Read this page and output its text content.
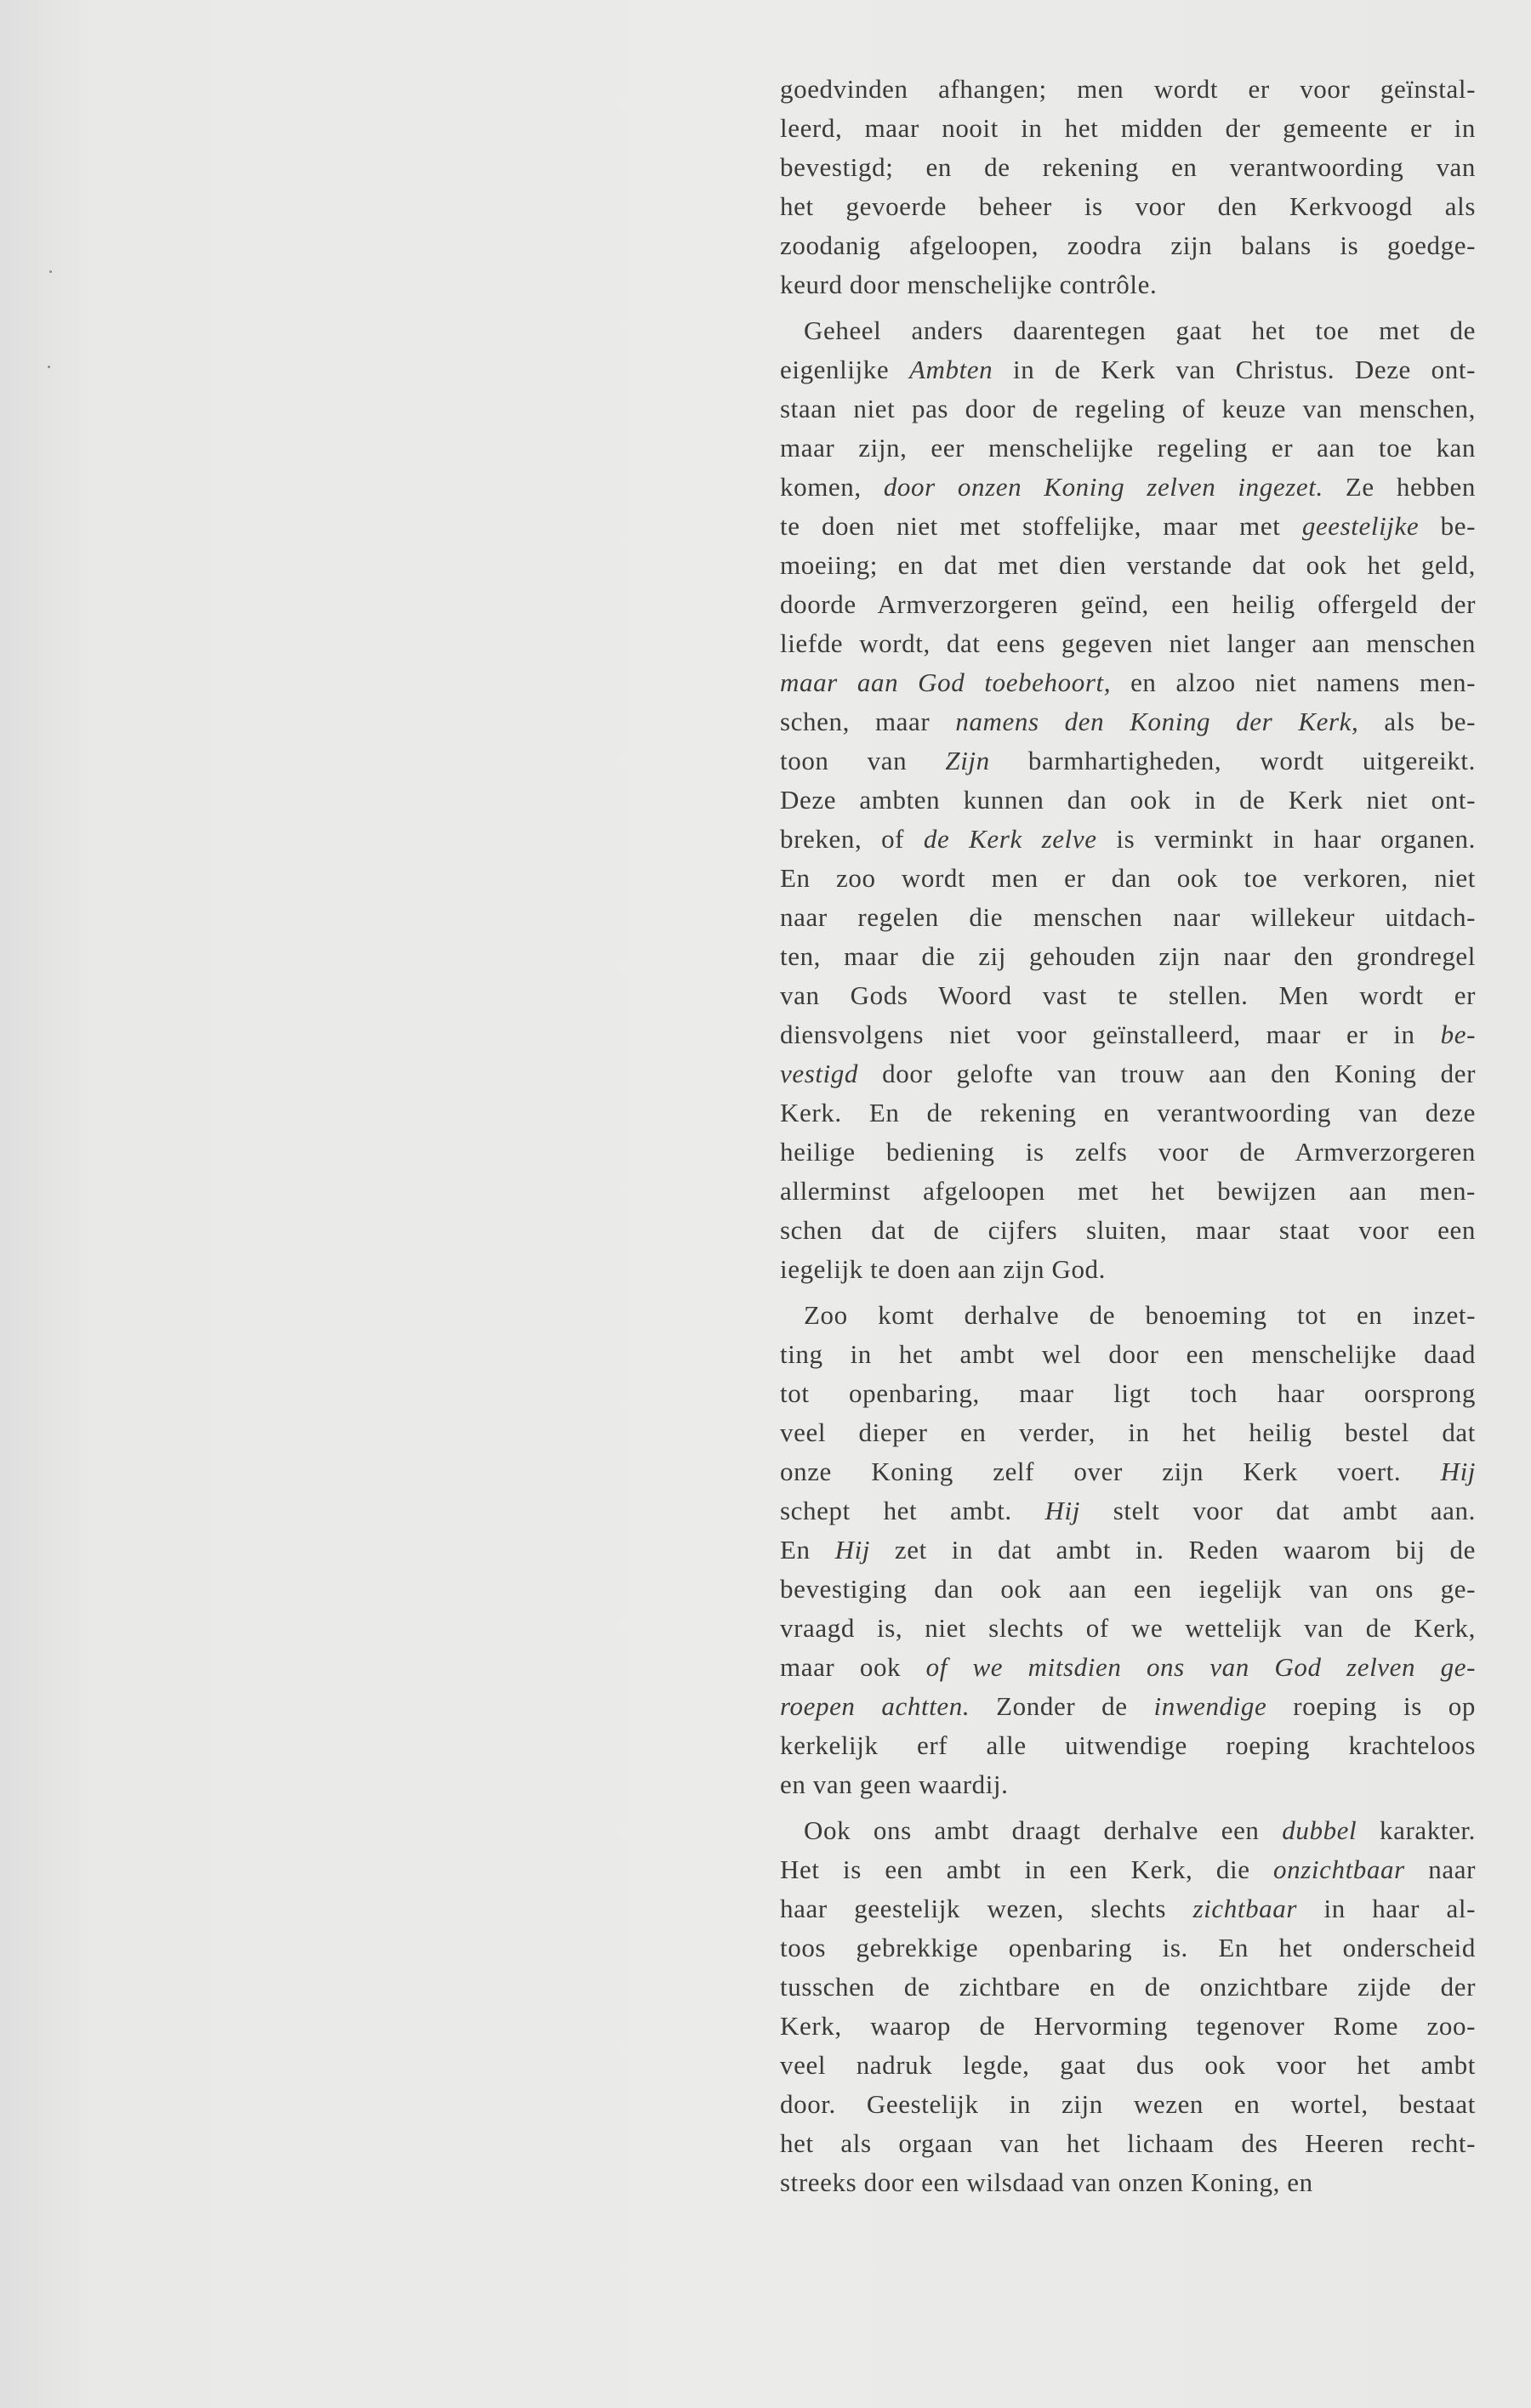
goedvinden afhangen; men wordt er voor geïnstal-
leerd, maar nooit in het midden der gemeente er in
bevestigd; en de rekening en verantwoording van
het gevoerde beheer is voor den Kerkvoogd als
zoodanig afgeloopen, zoodra zijn balans is goedge-
keurd door menschelijke contrôle.
Geheel anders daarentegen gaat het toe met de
eigenlijke Ambten in de Kerk van Christus. Deze ont-
staan niet pas door de regeling of keuze van menschen,
maar zijn, eer menschelijke regeling er aan toe kan
komen, door onzen Koning zelven ingezet. Ze hebben
te doen niet met stoffelijke, maar met geestelijke be-
moeiing; en dat met dien verstande dat ook het geld,
doorde Armverzorgeren geïnd, een heilig offergeld der
liefde wordt, dat eens gegeven niet langer aan menschen
maar aan God toebehoort, en alzoo niet namens men-
schen, maar namens den Koning der Kerk, als be-
toon van Zijn barmhartigheden, wordt uitgereikt.
Deze ambten kunnen dan ook in de Kerk niet ont-
breken, of de Kerk zelve is verminkt in haar organen.
En zoo wordt men er dan ook toe verkoren, niet
naar regelen die menschen naar willekeur uitdach-
ten, maar die zij gehouden zijn naar den grondregel
van Gods Woord vast te stellen. Men wordt er
diensvolgens niet voor geïnstalleerd, maar er in be-
vestigd door gelofte van trouw aan den Koning der
Kerk. En de rekening en verantwoording van deze
heilige bediening is zelfs voor de Armverzorgeren
allerminst afgeloopen met het bewijzen aan men-
schen dat de cijfers sluiten, maar staat voor een
iegelijk te doen aan zijn God.
Zoo komt derhalve de benoeming tot en inzet-
ting in het ambt wel door een menschelijke daad
tot openbaring, maar ligt toch haar oorsprong
veel dieper en verder, in het heilig bestel dat
onze Koning zelf over zijn Kerk voert. Hij
schept het ambt. Hij stelt voor dat ambt aan.
En Hij zet in dat ambt in. Reden waarom bij de
bevestiging dan ook aan een iegelijk van ons ge-
vraagd is, niet slechts of we wettelijk van de Kerk,
maar ook of we mitsdien ons van God zelven ge-
roepen achtten. Zonder de inwendige roeping is op
kerkelijk erf alle uitwendige roeping krachteloos
en van geen waardij.
Ook ons ambt draagt derhalve een dubbel karakter.
Het is een ambt in een Kerk, die onzichtbaar naar
haar geestelijk wezen, slechts zichtbaar in haar al-
toos gebrekkige openbaring is. En het onderscheid
tusschen de zichtbare en de onzichtbare zijde der
Kerk, waarop de Hervorming tegenover Rome zoo-
veel nadruk legde, gaat dus ook voor het ambt
door. Geestelijk in zijn wezen en wortel, bestaat
het als orgaan van het lichaam des Heeren recht-
streeks door een wilsdaad van onzen Koning, en
